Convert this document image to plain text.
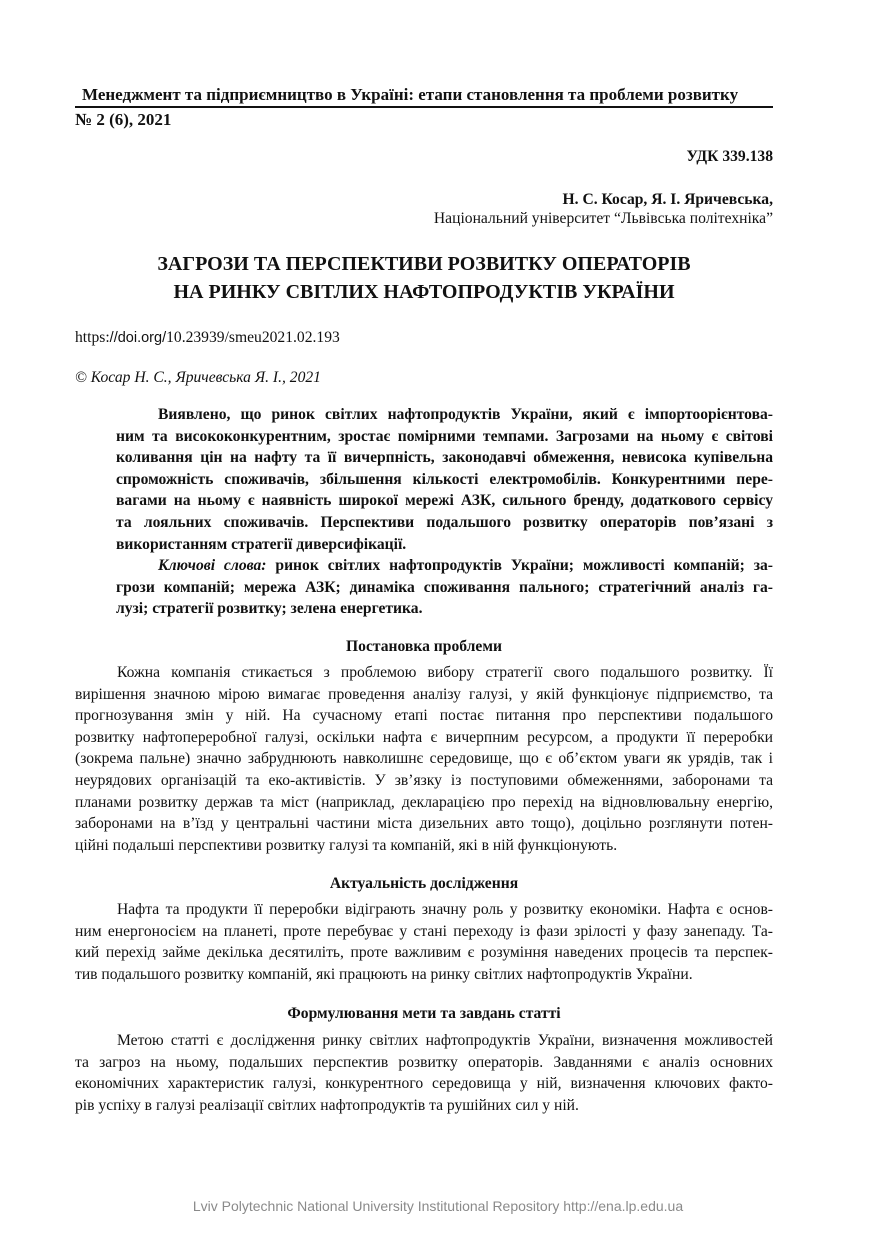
Менеджмент та підприємництво в Україні: етапи становлення та проблеми розвитку
№ 2 (6), 2021
УДК 339.138
Н. С. Косар, Я. І. Яричевська,
Національний університет “Львівська політехніка”
ЗАГРОЗИ ТА ПЕРСПЕКТИВИ РОЗВИТКУ ОПЕРАТОРІВ
НА РИНКУ СВІТЛИХ НАФТОПРОДУКТІВ УКРАЇНИ
https://doi.org/10.23939/smeu2021.02.193
© Косар Н. С., Яричевська Я. І., 2021
Виявлено, що ринок світлих нафтопродуктів України, який є імпортоорієнтова-
ним та висококонкурентним, зростає помірними темпами. Загрозами на ньому є світові
коливання цін на нафту та її вичерпність, законодавчі обмеження, невисока купівельна
спроможність споживачів, збільшення кількості електромобілів. Конкурентними пере-
вагами на ньому є наявність широкої мережі АЗК, сильного бренду, додаткового сервісу
та лояльних споживачів. Перспективи подальшого розвитку операторів пов’язані з
використанням стратегії диверсифікації.
Ключові слова: ринок світлих нафтопродуктів України; можливості компаній; за-
грози компаній; мережа АЗК; динаміка споживання пального; стратегічний аналіз га-
лузі; стратегії розвитку; зелена енергетика.
Постановка проблеми
Кожна компанія стикається з проблемою вибору стратегії свого подальшого розвитку. Її
вирішення значною мірою вимагає проведення аналізу галузі, у якій функціонує підприємство, та
прогнозування змін у ній. На сучасному етапі постає питання про перспективи подальшого
розвитку нафтопереробної галузі, оскільки нафта є вичерпним ресурсом, а продукти її переробки
(зокрема пальне) значно забруднюють навколишнє середовище, що є об’єктом уваги як урядів, так і
неурядових організацій та еко-активістів. У зв’язку із поступовими обмеженнями, заборонами та
планами розвитку держав та міст (наприклад, декларацією про перехід на відновлювальну енергію,
заборонами на в’їзд у центральні частини міста дизельних авто тощо), доцільно розглянути потен-
ційні подальші перспективи розвитку галузі та компаній, які в ній функціонують.
Актуальність дослідження
Нафта та продукти її переробки відіграють значну роль у розвитку економіки. Нафта є основ-
ним енергоносієм на планеті, проте перебуває у стані переходу із фази зрілості у фазу занепаду. Та-
кий перехід займе декілька десятиліть, проте важливим є розуміння наведених процесів та перспек-
тив подальшого розвитку компаній, які працюють на ринку світлих нафтопродуктів України.
Формулювання мети та завдань статті
Метою статті є дослідження ринку світлих нафтопродуктів України, визначення можливостей
та загроз на ньому, подальших перспектив розвитку операторів. Завданнями є аналіз основних
економічних характеристик галузі, конкурентного середовища у ній, визначення ключових факто-
рів успіху в галузі реалізації світлих нафтопродуктів та рушійних сил у ній.
Lviv Polytechnic National University Institutional Repository http://ena.lp.edu.ua
